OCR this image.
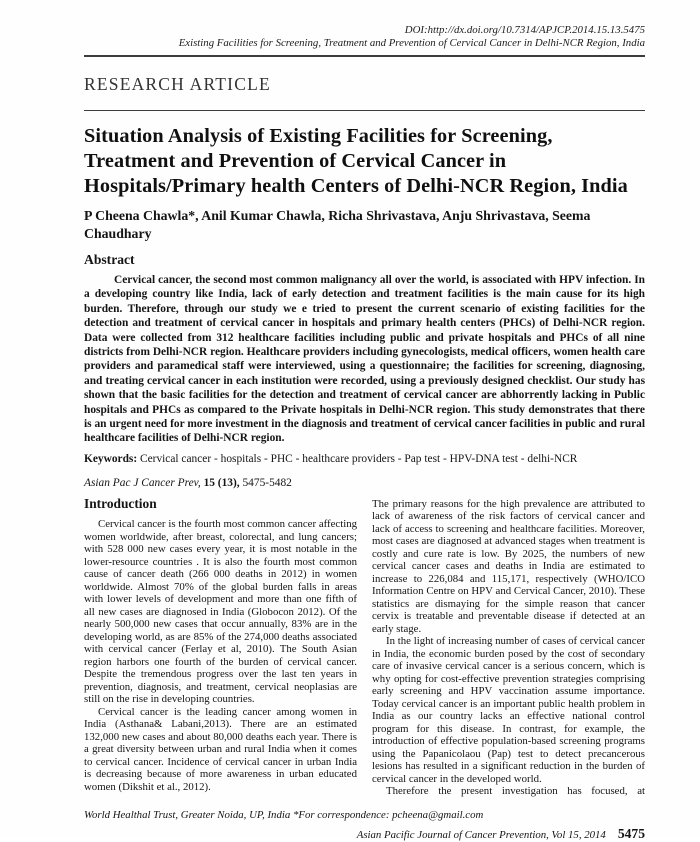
DOI:http://dx.doi.org/10.7314/APJCP.2014.15.13.5475
Existing Facilities for Screening, Treatment and Prevention of Cervical Cancer in Delhi-NCR Region, India
RESEARCH ARTICLE
Situation Analysis of Existing Facilities for Screening, Treatment and Prevention of Cervical Cancer in Hospitals/Primary health Centers of Delhi-NCR Region, India
P Cheena Chawla*, Anil Kumar Chawla, Richa Shrivastava, Anju Shrivastava, Seema Chaudhary
Abstract
Cervical cancer, the second most common malignancy all over the world, is associated with HPV infection. In a developing country like India, lack of early detection and treatment facilities is the main cause for its high burden. Therefore, through our study we e tried to present the current scenario of existing facilities for the detection and treatment of cervical cancer in hospitals and primary health centers (PHCs) of Delhi-NCR region. Data were collected from 312 healthcare facilities including public and private hospitals and PHCs of all nine districts from Delhi-NCR region. Healthcare providers including gynecologists, medical officers, women health care providers and paramedical staff were interviewed, using a questionnaire; the facilities for screening, diagnosing, and treating cervical cancer in each institution were recorded, using a previously designed checklist. Our study has shown that the basic facilities for the detection and treatment of cervical cancer are abhorrently lacking in Public hospitals and PHCs as compared to the Private hospitals in Delhi-NCR region. This study demonstrates that there is an urgent need for more investment in the diagnosis and treatment of cervical cancer facilities in public and rural healthcare facilities of Delhi-NCR region.
Keywords: Cervical cancer - hospitals - PHC - healthcare providers - Pap test - HPV-DNA test - delhi-NCR
Asian Pac J Cancer Prev, 15 (13), 5475-5482
Introduction

Cervical cancer is the fourth most common cancer affecting women worldwide, after breast, colorectal, and lung cancers; with 528 000 new cases every year, it is most notable in the lower-resource countries . It is also the fourth most common cause of cancer death (266 000 deaths in 2012) in women worldwide. Almost 70% of the global burden falls in areas with lower levels of development and more than one fifth of all new cases are diagnosed in India (Globocon 2012). Of the nearly 500,000 new cases that occur annually, 83% are in the developing world, as are 85% of the 274,000 deaths associated with cervical cancer (Ferlay et al, 2010). The South Asian region harbors one fourth of the burden of cervical cancer. Despite the tremendous progress over the last ten years in prevention, diagnosis, and treatment, cervical neoplasias are still on the rise in developing countries.

Cervical cancer is the leading cancer among women in India (Asthana& Labani,2013). There are an estimated 132,000 new cases and about 80,000 deaths each year. There is a great diversity between urban and rural India when it comes to cervical cancer. Incidence of cervical cancer in urban India is decreasing because of more awareness in urban educated women (Dikshit et al., 2012).

The primary reasons for the high prevalence are attributed to lack of awareness of the risk factors of cervical cancer and lack of access to screening and healthcare facilities. Moreover, most cases are diagnosed at advanced stages when treatment is costly and cure rate is low. By 2025, the numbers of new cervical cancer cases and deaths in India are estimated to increase to 226,084 and 115,171, respectively (WHO/ICO Information Centre on HPV and Cervical Cancer, 2010). These statistics are dismaying for the simple reason that cancer cervix is treatable and preventable disease if detected at an early stage.

In the light of increasing number of cases of cervical cancer in India, the economic burden posed by the cost of secondary care of invasive cervical cancer is a serious concern, which is why opting for cost-effective prevention strategies comprising early screening and HPV vaccination assume importance. Today cervical cancer is an important public health problem in India as our country lacks an effective national control program for this disease. In contrast, for example, the introduction of effective population-based screening programs using the Papanicolaou (Pap) test to detect precancerous lesions has resulted in a significant reduction in the burden of cervical cancer in the developed world.

Therefore the present investigation has focused, at

World Healthal Trust, Greater Noida, UP, India *For correspondence: pcheena@gmail.com
Asian Pacific Journal of Cancer Prevention, Vol 15, 2014 5475
